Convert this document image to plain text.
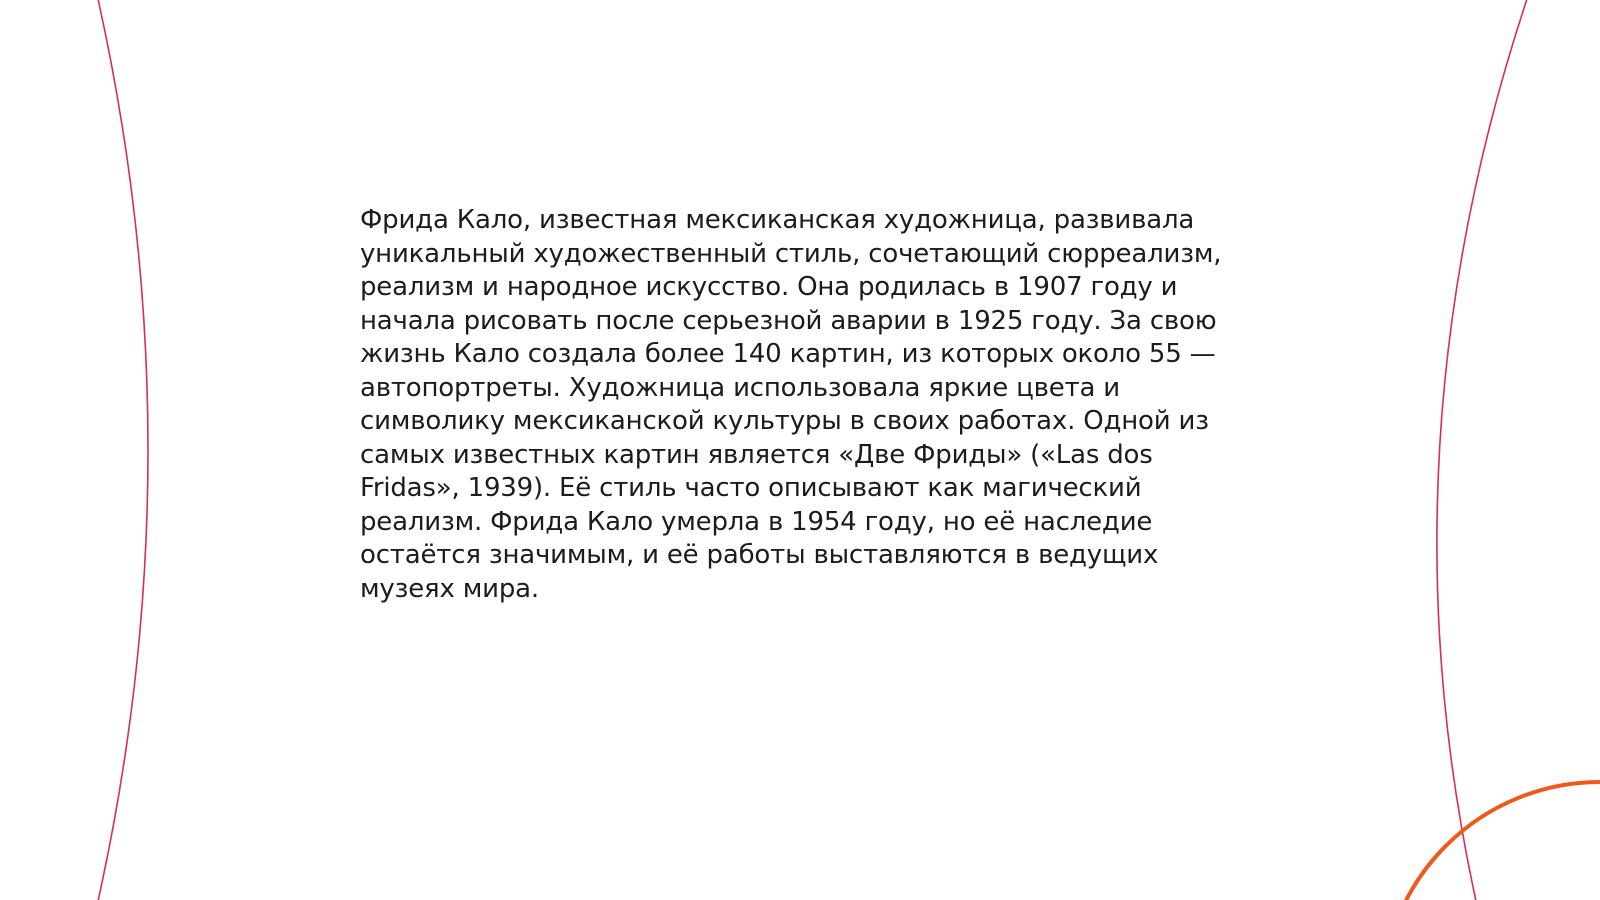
Фрида Кало, известная мексиканская художница, развивала уникальный художественный стиль, сочетающий сюрреализм, реализм и народное искусство. Она родилась в 1907 году и начала рисовать после серьезной аварии в 1925 году. За свою жизнь Кало создала более 140 картин, из которых около 55 — автопортреты. Художница использовала яркие цвета и символику мексиканской культуры в своих работах. Одной из самых известных картин является «Две Фриды» («Las dos Fridas», 1939). Её стиль часто описывают как магический реализм. Фрида Кало умерла в 1954 году, но её наследие остаётся значимым, и её работы выставляются в ведущих музеях мира.
